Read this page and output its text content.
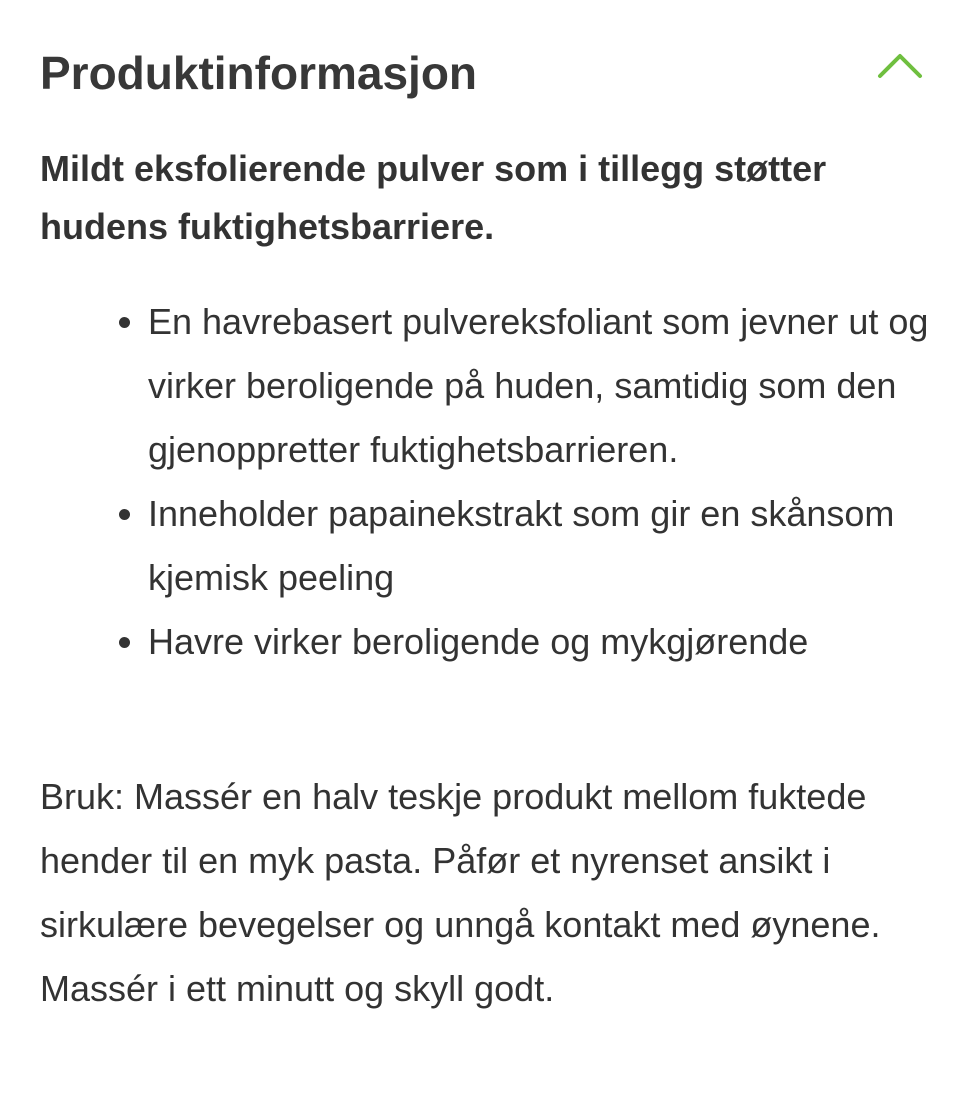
Produktinformasjon

Mildt eksfolierende pulver som i tillegg støtter hudens fuktighetsbarriere.

• En havrebasert pulvereksfoliant som jevner ut og virker beroligende på huden, samtidig som den gjenoppretter fuktighetsbarrieren.
• Inneholder papainekstrakt som gir en skånsom kjemisk peeling
• Havre virker beroligende og mykgjørende

Bruk: Massér en halv teskje produkt mellom fuktede hender til en myk pasta. Påfør et nyrenset ansikt i sirkulære bevegelser og unngå kontakt med øynene. Massér i ett minutt og skyll godt.
